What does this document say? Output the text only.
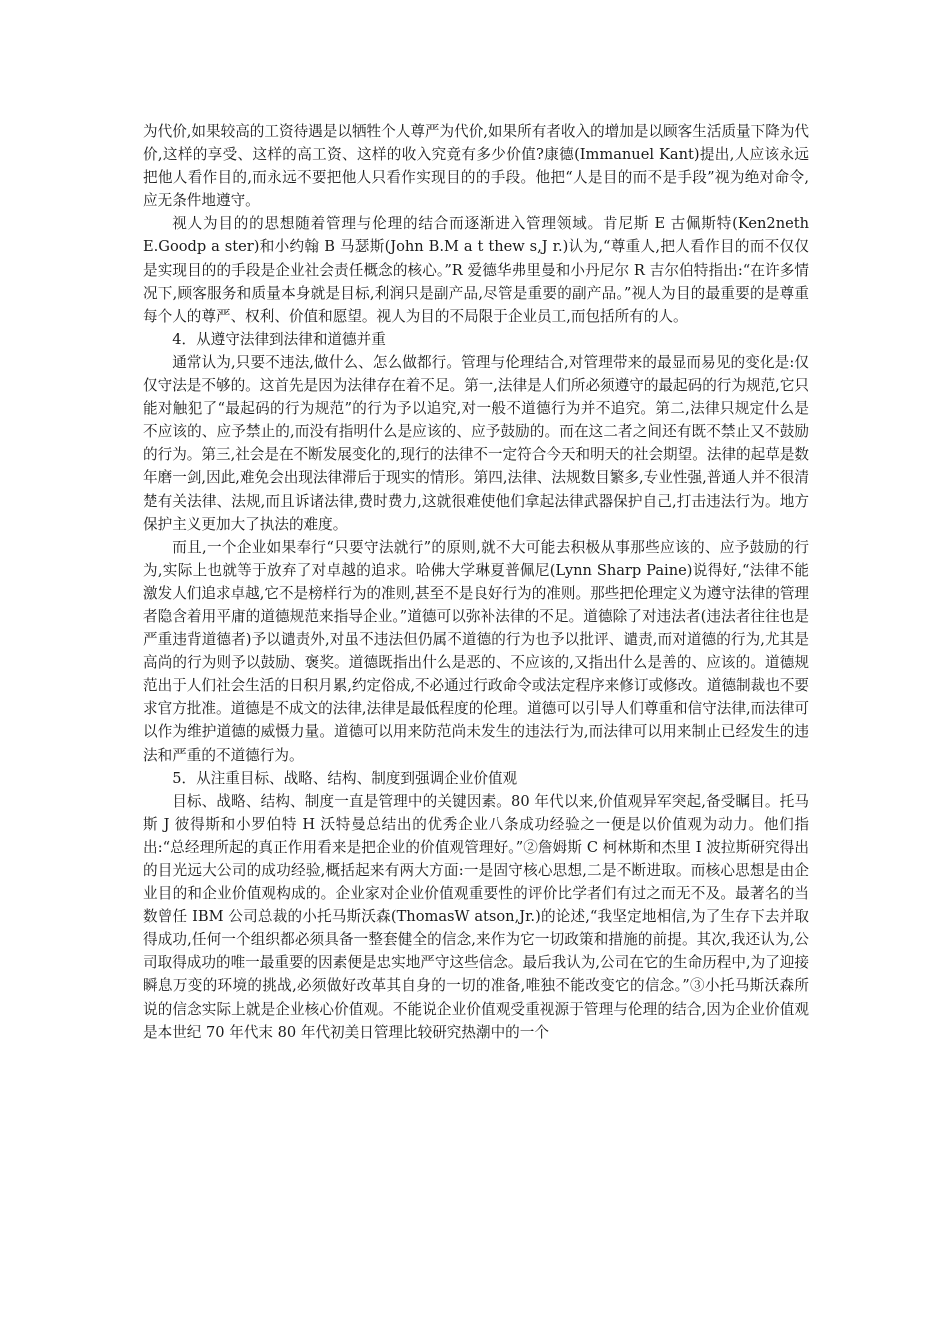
为代价,如果较高的工资待遇是以牺牲个人尊严为代价,如果所有者收入的增加是以顾客生活质量下降为代价,这样的享受、这样的高工资、这样的收入究竟有多少价值?康德(Immanuel Kant)提出,人应该永远把他人看作目的,而永远不要把他人只看作实现目的的手段。他把“人是目的而不是手段”视为绝对命令,应无条件地遵守。

视人为目的的思想随着管理与伦理的结合而逐渐进入管理领域。肯尼斯 E 古佩斯特(Ken2neth E.Goodp a ster)和小约翰 B 马瑟斯(John B.M a t thew s,J r.)认为,“尊重人,把人看作目的而不仅仅是实现目的的手段是企业社会责任概念的核心。”R 爱德华弗里曼和小丹尼尔 R 吉尔伯特指出:“在许多情况下,顾客服务和质量本身就是目标,利润只是副产品,尽管是重要的副产品。”视人为目的最重要的是尊重每个人的尊严、权利、价值和愿望。视人为目的不局限于企业员工,而包括所有的人。

4．从遵守法律到法律和道德并重

通常认为,只要不违法,做什么、怎么做都行。管理与伦理结合,对管理带来的最显而易见的变化是:仅仅守法是不够的。这首先是因为法律存在着不足。第一,法律是人们所必须遵守的最起码的行为规范,它只能对触犯了“最起码的行为规范”的行为予以追究,对一般不道德行为并不追究。第二,法律只规定什么是不应该的、应予禁止的,而没有指明什么是应该的、应予鼓励的。而在这二者之间还有既不禁止又不鼓励的行为。第三,社会是在不断发展变化的,现行的法律不一定符合今天和明天的社会期望。法律的起草是数年磨一剑,因此,难免会出现法律滞后于现实的情形。第四,法律、法规数目繁多,专业性强,普通人并不很清楚有关法律、法规,而且诉诸法律,费时费力,这就很难使他们拿起法律武器保护自己,打击违法行为。地方保护主义更加大了执法的难度。

而且,一个企业如果奉行“只要守法就行”的原则,就不大可能去积极从事那些应该的、应予鼓励的行为,实际上也就等于放弃了对卓越的追求。哈佛大学琳夏普佩尼(Lynn Sharp Paine)说得好,“法律不能激发人们追求卓越,它不是榜样行为的准则,甚至不是良好行为的准则。那些把伦理定义为遵守法律的管理者隐含着用平庸的道德规范来指导企业。”道德可以弥补法律的不足。道德除了对违法者(违法者往往也是严重违背道德者)予以谴责外,对虽不违法但仍属不道德的行为也予以批评、谴责,而对道德的行为,尤其是高尚的行为则予以鼓励、褒奖。道德既指出什么是恶的、不应该的,又指出什么是善的、应该的。道德规范出于人们社会生活的日积月累,约定俗成,不必通过行政命令或法定程序来修订或修改。道德制裁也不要求官方批准。道德是不成文的法律,法律是最低程度的伦理。道德可以引导人们尊重和信守法律,而法律可以作为维护道德的威慑力量。道德可以用来防范尚未发生的违法行为,而法律可以用来制止已经发生的违法和严重的不道德行为。

5．从注重目标、战略、结构、制度到强调企业价值观

目标、战略、结构、制度一直是管理中的关键因素。80 年代以来,价值观异军突起,备受瞩目。托马斯 J 彼得斯和小罗伯特 H 沃特曼总结出的优秀企业八条成功经验之一便是以价值观为动力。他们指出:“总经理所起的真正作用看来是把企业的价值观管理好。”②詹姆斯 C 柯林斯和杰里 I 波拉斯研究得出的目光远大公司的成功经验,概括起来有两大方面:一是固守核心思想,二是不断进取。而核心思想是由企业目的和企业价值观构成的。企业家对企业价值观重要性的评价比学者们有过之而无不及。最著名的当数曾任 IBM 公司总裁的小托马斯沃森(ThomasW atson,Jr.)的论述,“我坚定地相信,为了生存下去并取得成功,任何一个组织都必须具备一整套健全的信念,来作为它一切政策和措施的前提。其次,我还认为,公司取得成功的唯一最重要的因素便是忠实地严守这些信念。最后我认为,公司在它的生命历程中,为了迎接瞬息万变的环境的挑战,必须做好改革其自身的一切的准备,唯独不能改变它的信念。”③小托马斯沃森所说的信念实际上就是企业核心价值观。不能说企业价值观受重视源于管理与伦理的结合,因为企业价值观是本世纪 70 年代末 80 年代初美日管理比较研究热潮中的一个
